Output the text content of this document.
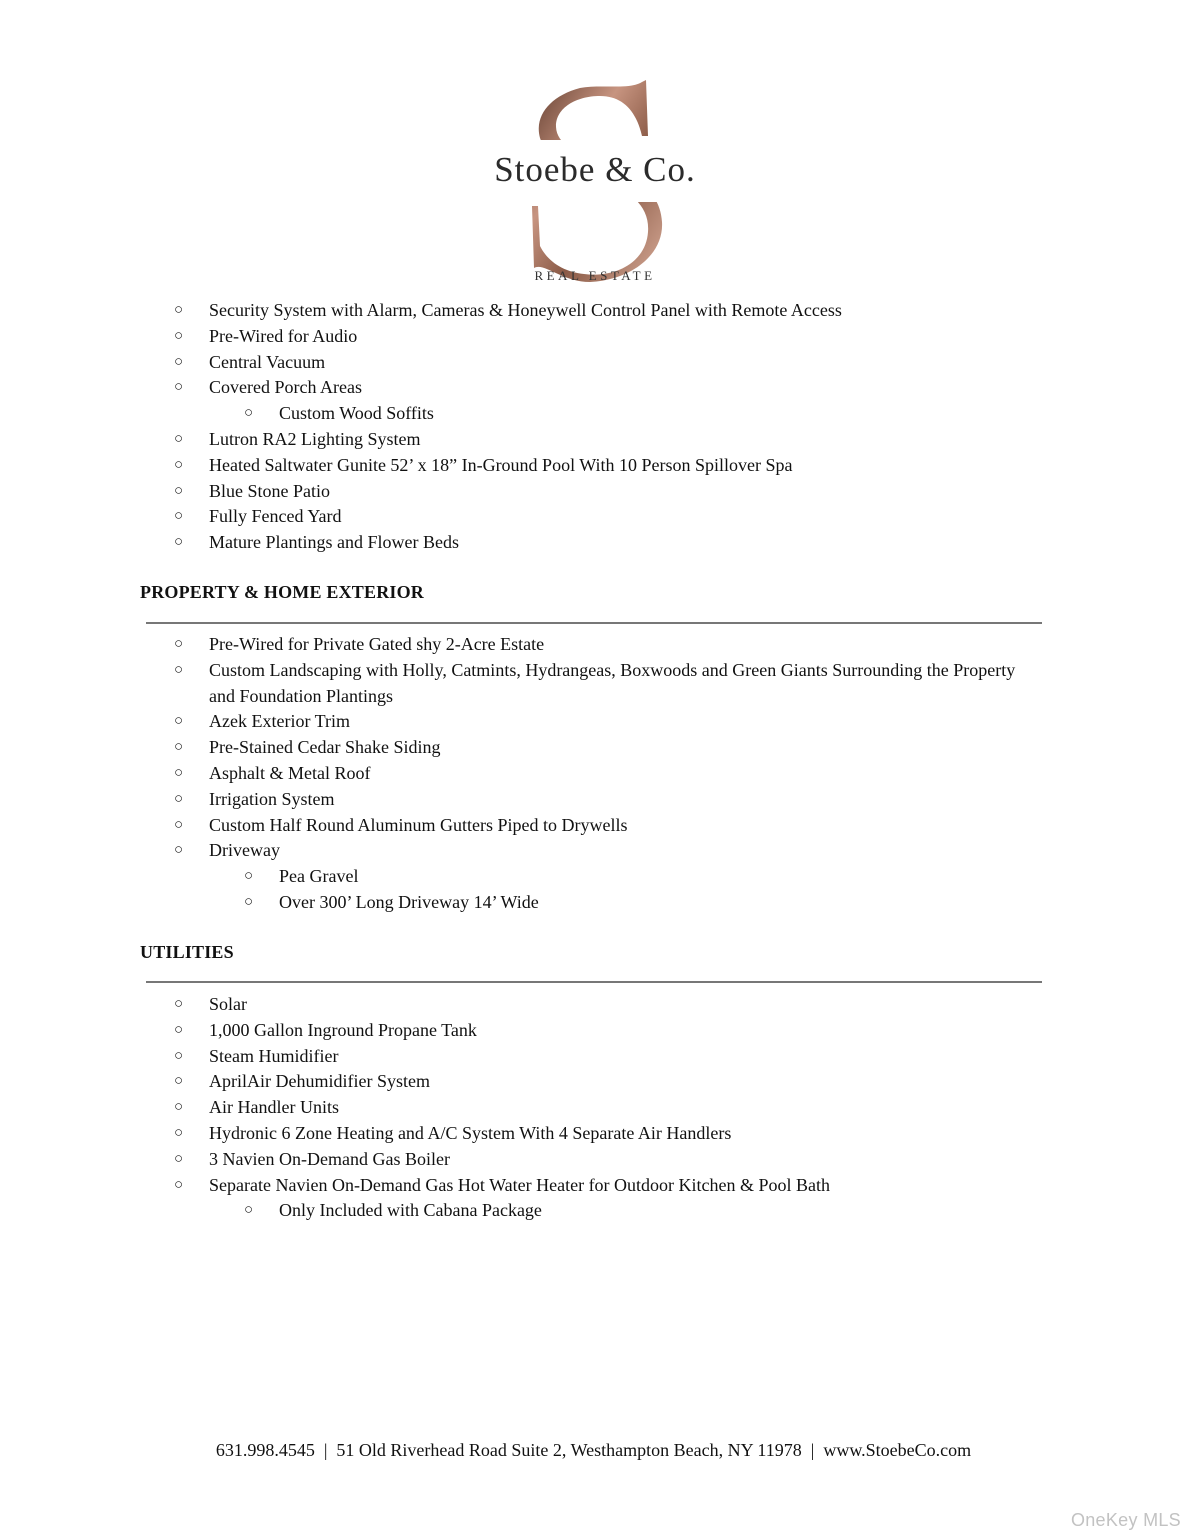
Stoebe & Co.
REAL ESTATE
○ Security System with Alarm, Cameras & Honeywell Control Panel with Remote Access
○ Pre-Wired for Audio
○ Central Vacuum
○ Covered Porch Areas
○ Custom Wood Soffits
○ Lutron RA2 Lighting System
○ Heated Saltwater Gunite 52’ x 18” In-Ground Pool With 10 Person Spillover Spa
○ Blue Stone Patio
○ Fully Fenced Yard
○ Mature Plantings and Flower Beds
PROPERTY & HOME EXTERIOR
○ Pre-Wired for Private Gated shy 2-Acre Estate
○ Custom Landscaping with Holly, Catmints, Hydrangeas, Boxwoods and Green Giants Surrounding the Property and Foundation Plantings
○ Azek Exterior Trim
○ Pre-Stained Cedar Shake Siding
○ Asphalt & Metal Roof
○ Irrigation System
○ Custom Half Round Aluminum Gutters Piped to Drywells
○ Driveway
○ Pea Gravel
○ Over 300’ Long Driveway 14’ Wide
UTILITIES
○ Solar
○ 1,000 Gallon Inground Propane Tank
○ Steam Humidifier
○ AprilAir Dehumidifier System
○ Air Handler Units
○ Hydronic 6 Zone Heating and A/C System With 4 Separate Air Handlers
○ 3 Navien On-Demand Gas Boiler
○ Separate Navien On-Demand Gas Hot Water Heater for Outdoor Kitchen & Pool Bath
○ Only Included with Cabana Package
631.998.4545 | 51 Old Riverhead Road Suite 2, Westhampton Beach, NY 11978 | www.StoebeCo.com
OneKey MLS
